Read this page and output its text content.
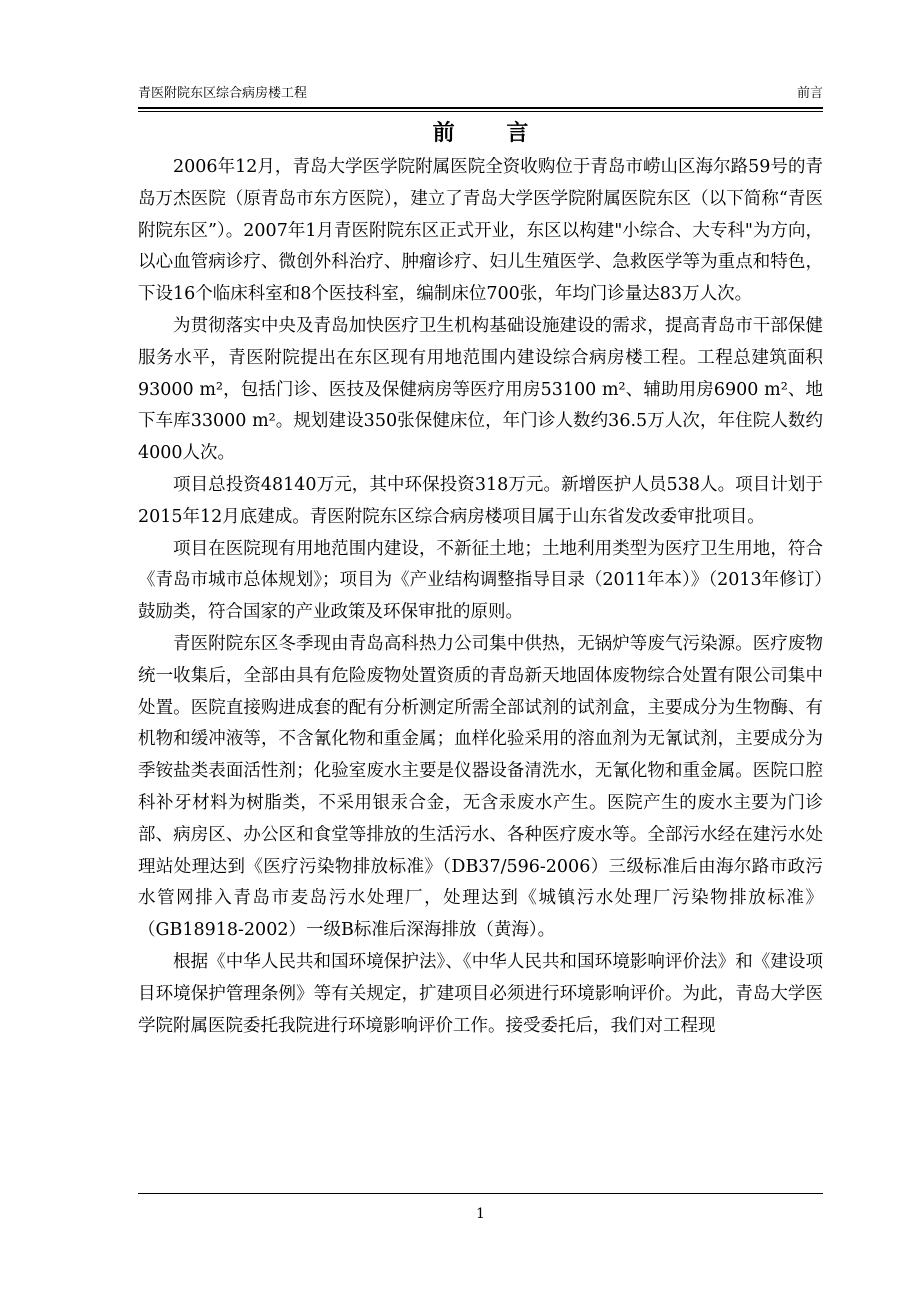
青医附院东区综合病房楼工程	前言
前 言

2006年12月，青岛大学医学院附属医院全资收购位于青岛市崂山区海尔路59号的青岛万杰医院（原青岛市东方医院），建立了青岛大学医学院附属医院东区（以下简称“青医附院东区”）。2007年1月青医附院东区正式开业，东区以构建"小综合、大专科"为方向，以心血管病诊疗、微创外科治疗、肿瘤诊疗、妇儿生殖医学、急救医学等为重点和特色，下设16个临床科室和8个医技科室，编制床位700张，年均门诊量达83万人次。

为贯彻落实中央及青岛加快医疗卫生机构基础设施建设的需求，提高青岛市干部保健服务水平，青医附院提出在东区现有用地范围内建设综合病房楼工程。工程总建筑面积93000 m²，包括门诊、医技及保健病房等医疗用房53100 m²、辅助用房6900 m²、地下车库33000 m²。规划建设350张保健床位，年门诊人数约36.5万人次，年住院人数约4000人次。

项目总投资48140万元，其中环保投资318万元。新增医护人员538人。项目计划于2015年12月底建成。青医附院东区综合病房楼项目属于山东省发改委审批项目。

项目在医院现有用地范围内建设，不新征土地；土地利用类型为医疗卫生用地，符合《青岛市城市总体规划》；项目为《产业结构调整指导目录（2011年本）》（2013年修订）鼓励类，符合国家的产业政策及环保审批的原则。

青医附院东区冬季现由青岛高科热力公司集中供热，无锅炉等废气污染源。医疗废物统一收集后，全部由具有危险废物处置资质的青岛新天地固体废物综合处置有限公司集中处置。医院直接购进成套的配有分析测定所需全部试剂的试剂盒，主要成分为生物酶、有机物和缓冲液等，不含氰化物和重金属；血样化验采用的溶血剂为无氰试剂，主要成分为季铵盐类表面活性剂；化验室废水主要是仪器设备清洗水，无氰化物和重金属。医院口腔科补牙材料为树脂类，不采用银汞合金，无含汞废水产生。医院产生的废水主要为门诊部、病房区、办公区和食堂等排放的生活污水、各种医疗废水等。全部污水经在建污水处理站处理达到《医疗污染物排放标准》（DB37/596-2006）三级标准后由海尔路市政污水管网排入青岛市麦岛污水处理厂，处理达到《城镇污水处理厂污染物排放标准》（GB18918-2002）一级B标准后深海排放（黄海）。

根据《中华人民共和国环境保护法》、《中华人民共和国环境影响评价法》和《建设项目环境保护管理条例》等有关规定，扩建项目必须进行环境影响评价。为此，青岛大学医学院附属医院委托我院进行环境影响评价工作。接受委托后，我们对工程现

1
